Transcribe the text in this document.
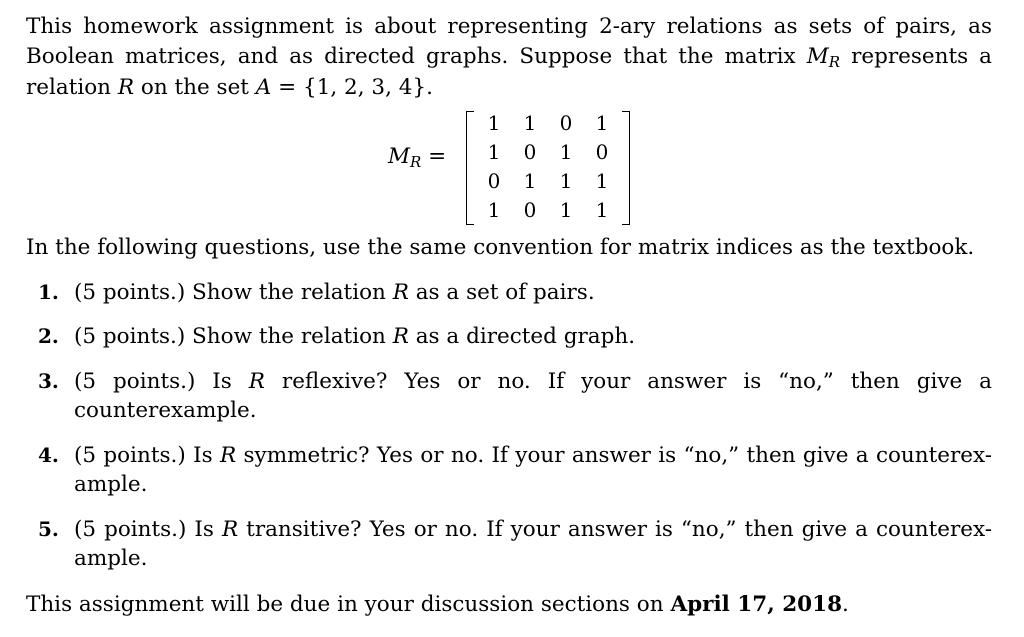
This homework assignment is about representing 2-ary relations as sets of pairs, as Boolean matrices, and as directed graphs. Suppose that the matrix MR represents a relation R on the set A = {1, 2, 3, 4}.

MR =
1	1	0	1
1	0	1	0
0	1	1	1
1	0	1	1

In the following questions, use the same convention for matrix indices as the textbook.

1. (5 points.) Show the relation R as a set of pairs.
2. (5 points.) Show the relation R as a directed graph.
3. (5 points.) Is R reflexive? Yes or no. If your answer is “no,” then give a counterexample.
4. (5 points.) Is R symmetric? Yes or no. If your answer is “no,” then give a counterex-ample.
5. (5 points.) Is R transitive? Yes or no. If your answer is “no,” then give a counterex-ample.

This assignment will be due in your discussion sections on April 17, 2018.
